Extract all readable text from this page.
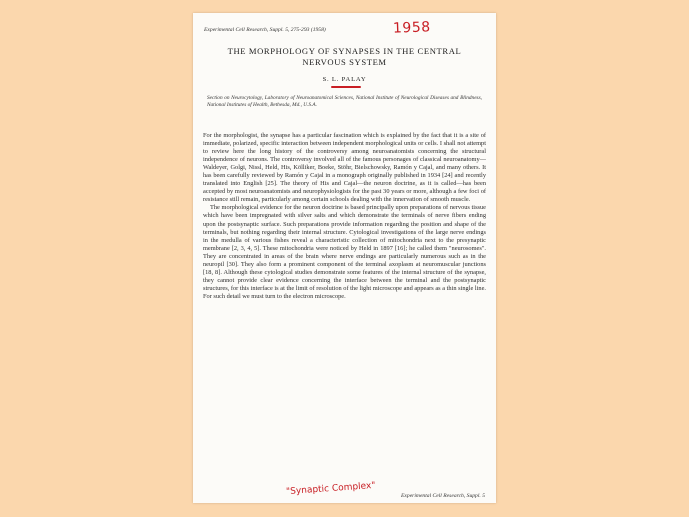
Experimental Cell Research, Suppl. 5, 275-293 (1958)	1958
THE MORPHOLOGY OF SYNAPSES IN THE CENTRAL
NERVOUS SYSTEM
S. L. PALAY
Section on Neurocytology, Laboratory of Neuroanatomical Sciences, National Institute of Neurological Diseases and Blindness, National Institutes of Health, Bethesda, Md., U.S.A.

For the morphologist, the synapse has a particular fascination which is explained by the fact that it is a site of immediate, polarized, specific interaction between independent morphological units or cells. I shall not attempt to review here the long history of the controversy among neuroanatomists concerning the structural independence of neurons. The controversy involved all of the famous personages of classical neuroanatomy—Waldeyer, Golgi, Nissl, Held, His, Kölliker, Boeke, Stöhr, Bielschowsky, Ramón y Cajal, and many others. It has been carefully reviewed by Ramón y Cajal in a monograph originally published in 1934 [24] and recently translated into English [25]. The theory of His and Cajal—the neuron doctrine, as it is called—has been accepted by most neuroanatomists and neurophysiologists for the past 30 years or more, although a few foci of resistance still remain, particularly among certain schools dealing with the innervation of smooth muscle.

The morphological evidence for the neuron doctrine is based principally upon preparations of nervous tissue which have been impregnated with silver salts and which demonstrate the terminals of nerve fibers ending upon the postsynaptic surface. Such preparations provide information regarding the position and shape of the terminals, but nothing regarding their internal structure. Cytological investigations of the large nerve endings in the medulla of various fishes reveal a characteristic collection of mitochondria next to the presynaptic membrane [2, 3, 4, 5]. These mitochondria were noticed by Held in 1897 [16]; he called them "neurosomes". They are concentrated in areas of the brain where nerve endings are particularly numerous such as in the neuropil [30]. They also form a prominent component of the terminal axoplasm at neuromuscular junctions [18, 8]. Although these cytological studies demonstrate some features of the internal structure of the synapse, they cannot provide clear evidence concerning the interface between the terminal and the postsynaptic structures, for this interface is at the limit of resolution of the light microscope and appears as a thin single line. For such detail we must turn to the electron microscope.

"Synaptic Complex"	Experimental Cell Research, Suppl. 5
